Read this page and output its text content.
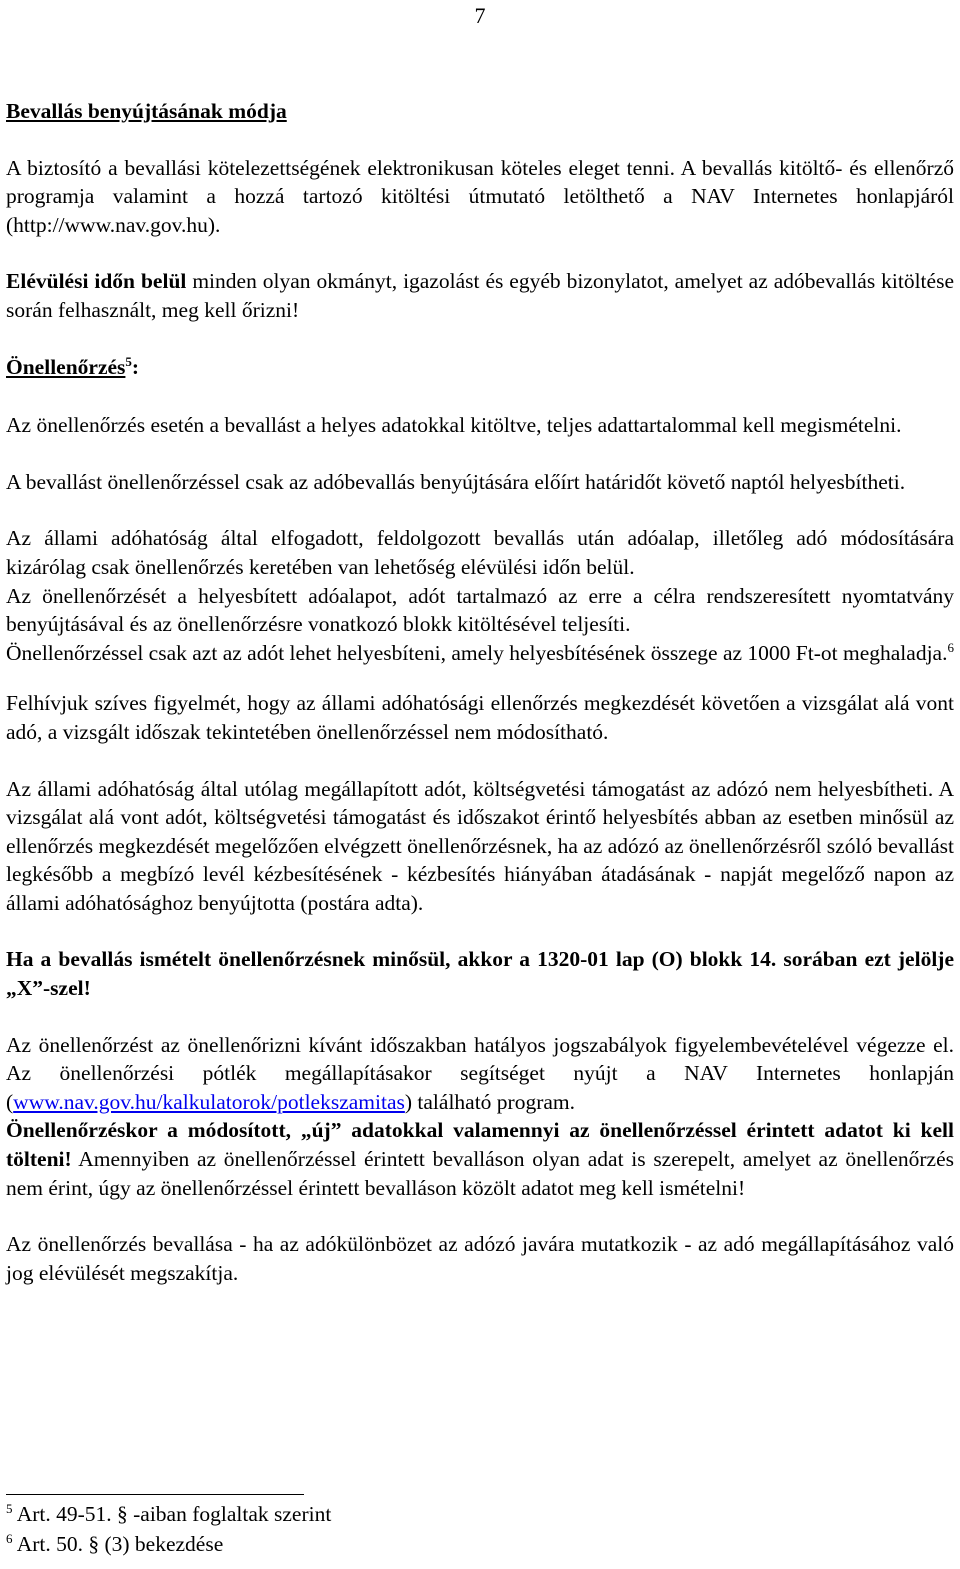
7

Bevallás benyújtásának módja

A biztosító a bevallási kötelezettségének elektronikusan köteles eleget tenni. A bevallás kitöltő- és ellenőrző programja valamint a hozzá tartozó kitöltési útmutató letölthető a NAV Internetes honlapjáról (http://www.nav.gov.hu).

Elévülési időn belül minden olyan okmányt, igazolást és egyéb bizonylatot, amelyet az adóbevallás kitöltése során felhasznált, meg kell őrizni!

Önellenőrzés$^5$:

Az önellenőrzés esetén a bevallást a helyes adatokkal kitöltve, teljes adattartalommal kell megismételni.

A bevallást önellenőrzéssel csak az adóbevallás benyújtására előírt határidőt követő naptól helyesbítheti.

Az állami adóhatóság által elfogadott, feldolgozott bevallás után adóalap, illetőleg adó módosítására kizárólag csak önellenőrzés keretében van lehetőség elévülési időn belül.

Az önellenőrzését a helyesbített adóalapot, adót tartalmazó az erre a célra rendszeresített nyomtatvány benyújtásával és az önellenőrzésre vonatkozó blokk kitöltésével teljesíti.

Önellenőrzéssel csak azt az adót lehet helyesbíteni, amely helyesbítésének összege az 1000 Ft-ot meghaladja.$^6$

Felhívjuk szíves figyelmét, hogy az állami adóhatósági ellenőrzés megkezdését követően a vizsgálat alá vont adó, a vizsgált időszak tekintetében önellenőrzéssel nem módosítható.

Az állami adóhatóság által utólag megállapított adót, költségvetési támogatást az adózó nem helyesbítheti. A vizsgálat alá vont adót, költségvetési támogatást és időszakot érintő helyesbítés abban az esetben minősül az ellenőrzés megkezdését megelőzően elvégzett önellenőrzésnek, ha az adózó az önellenőrzésről szóló bevallást legkésőbb a megbízó levél kézbesítésének - kézbesítés hiányában átadásának - napját megelőző napon az állami adóhatósághoz benyújtotta (postára adta).

Ha a bevallás ismételt önellenőrzésnek minősül, akkor a 1320-01 lap (O) blokk 14. sorában ezt jelölje „X”-szel!

Az önellenőrzést az önellenőrizni kívánt időszakban hatályos jogszabályok figyelembevételével végezze el. Az önellenőrzési pótlék megállapításakor segítséget nyújt a NAV Internetes honlapján (www.nav.gov.hu/kalkulatorok/potlekszamitas) található program.

Önellenőrzéskor a módosított, „új” adatokkal valamennyi az önellenőrzéssel érintett adatot ki kell tölteni! Amennyiben az önellenőrzéssel érintett bevalláson olyan adat is szerepelt, amelyet az önellenőrzés nem érint, úgy az önellenőrzéssel érintett bevalláson közölt adatot meg kell ismételni!

Az önellenőrzés bevallása - ha az adókülönbözet az adózó javára mutatkozik - az adó megállapításához való jog elévülését megszakítja.

$^5$ Art. 49-51. § -aiban foglaltak szerint
$^6$ Art. 50. § (3) bekezdése
